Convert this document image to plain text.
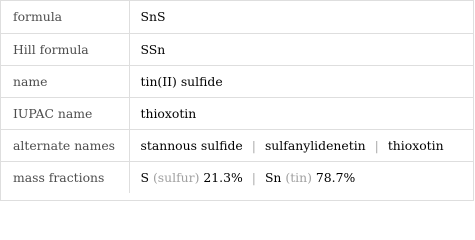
formula	SnS
Hill formula	SSn
name	tin(II) sulfide
IUPAC name	thioxotin
alternate names	stannous sulfide | sulfanylidenetin | thioxotin
mass fractions	S (sulfur) 21.3% | Sn (tin) 78.7%
